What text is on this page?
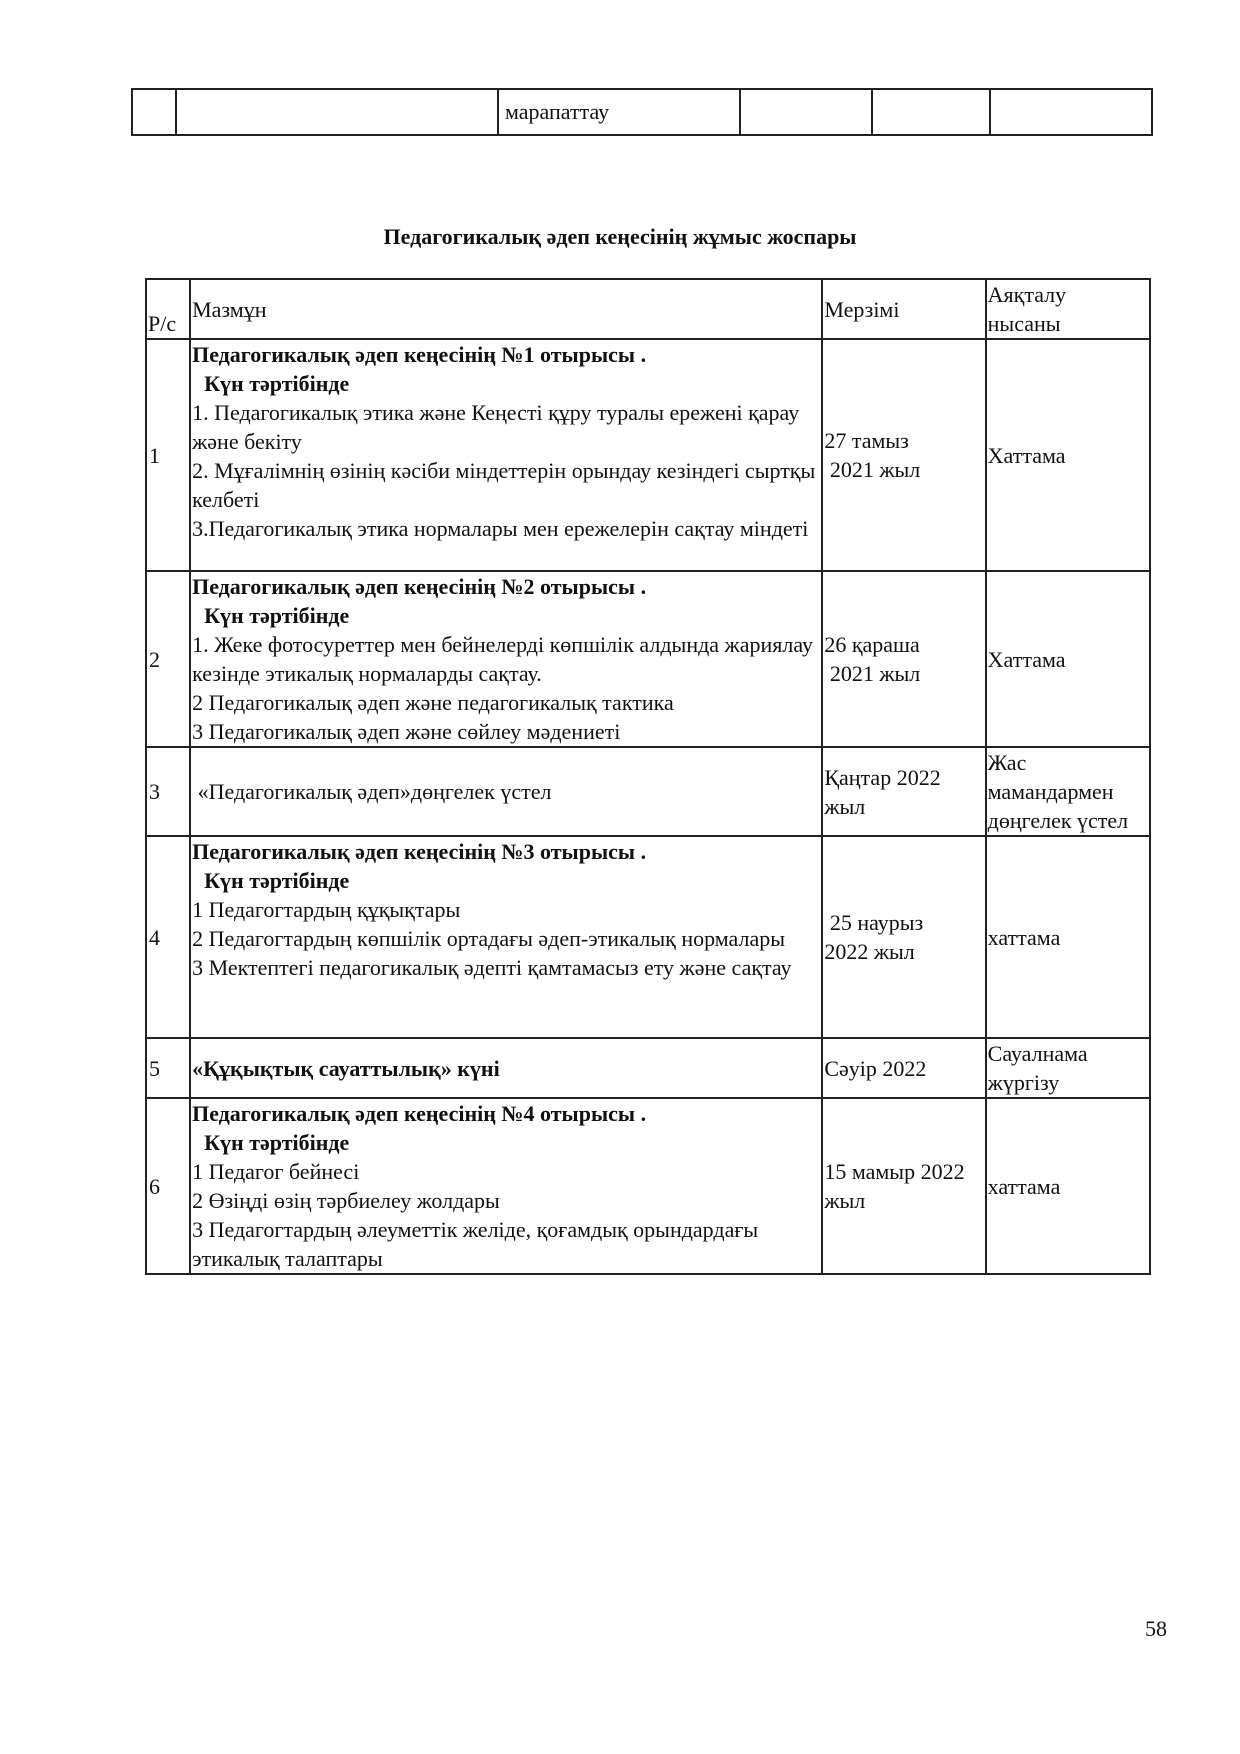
		марапаттау			
Педагогикалық әдеп кеңесінің жұмыс жоспары
Р/с	Мазмұн	Мерзімі	Аяқталу
нысаны

1	Педагогикалық әдеп кеңесінің №1 отырысы .
Күн тәртібінде
1. Педагогикалық этика және Кеңесті құру туралы ережені қарау және бекіту
2. Мұғалімнің өзінің кәсіби міндеттерін орындау кезіндегі сыртқы келбеті
3.Педагогикалық этика нормалары мен ережелерін сақтау міндеті	27 тамыз
2021 жыл	Хаттама
2	Педагогикалық әдеп кеңесінің №2 отырысы .
Күн тәртібінде
1. Жеке фотосуреттер мен бейнелерді көпшілік алдында жариялау кезінде этикалық нормаларды сақтау.
2 Педагогикалық әдеп және педагогикалық тактика
3 Педагогикалық әдеп және сөйлеу мәдениеті	26 қараша
2021 жыл	Хаттама
3	«Педагогикалық әдеп»дөңгелек үстел	Қаңтар 2022
жыл	Жас
мамандармен
дөңгелек үстел

4	Педагогикалық әдеп кеңесінің №3 отырысы .
Күн тәртібінде
1 Педагогтардың құқықтары
2 Педагогтардың көпшілік ортадағы әдеп-этикалық нормалары
3 Мектептегі педагогикалық әдепті қамтамасыз ету және сақтау	25 наурыз
2022 жыл	хаттама
5	«Құқықтық сауаттылық» күні	Сәуір 2022	Сауалнама
жүргізу

6	Педагогикалық әдеп кеңесінің №4 отырысы .
Күн тәртібінде
1 Педагог бейнесі
2 Өзіңді өзің тәрбиелеу жолдары
3 Педагогтардың әлеуметтік желіде, қоғамдық орындардағы этикалық талаптары	15 мамыр 2022
жыл	хаттама
58
